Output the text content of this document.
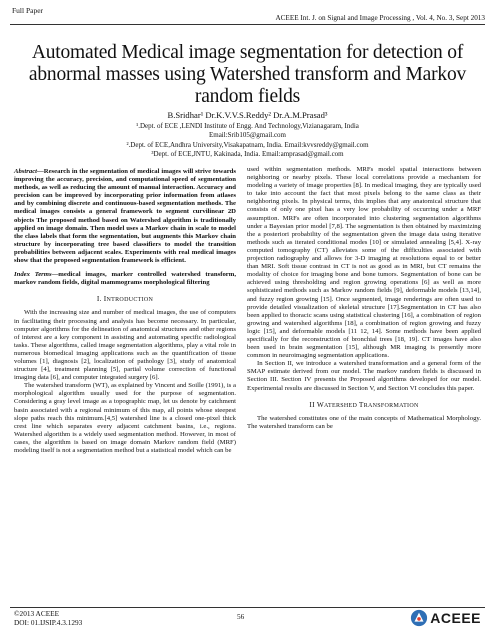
Full Paper
ACEEE Int. J. on Signal and Image Processing , Vol. 4, No. 3, Sept 2013
Automated Medical image segmentation for detection of abnormal masses using Watershed transform and Markov random fields
B.Sridhar¹ Dr.K.V.V.S.Reddy² Dr.A.M.Prasad³
¹.Dept. of ECE ,LENDI Institute of Engg. And Technology,Vizianagaram, India
Email:Srib105@gmail.com
².Dept. of ECE,Andhra University,Visakapatnam, India. Email:kvvsreddy@gmail.com
³Dept. of ECE,JNTU, Kakinada, India. Email:amprasad@gmail.com
Abstract—Research in the segmentation of medical images will strive towards improving the accuracy, precision, and computational speed of segmentation methods, as well as reducing the amount of manual interaction. Accuracy and precision can be improved by incorporating prior information from atlases and by combining discrete and continuous-based segmentation methods. The medical images consists a general framework to segment curvilinear 2D objects The proposed method based on Watershed algorithm is traditionally applied on image domain. Then model uses a Markov chain in scale to model the class labels that form the segmentation, but augments this Markov chain structure by incorporating tree based classifiers to model the transition probabilities between adjacent scales. Experiments with real medical images show that the proposed segmentation framework is efficient.
Index Terms—medical images, marker controlled watershed transform, markov random fields, digital mammograms morphological filtering
I. INTRODUCTION

With the increasing size and number of medical images, the use of computers in facilitating their processing and analysis has become necessary. In particular, computer algorithms for the delineation of anatomical structures and other regions of interest are a key component in assisting and automating specific radiological tasks. These algorithms, called image segmentation algorithms, play a vital role in numerous biomedical imaging applications such as the quantification of tissue volumes [1], diagnosis [2], localization of pathology [3], study of anatomical structure [4], treatment planning [5], partial volume correction of functional imaging data [6], and computer integrated surgery [6].

The watershed transform (WT), as explained by Vincent and Soille (1991), is a morphological algorithm usually used for the purpose of segmentation. Considering a gray level image as a topographic map, let us denote by catchment basin associated with a regional minimum of this map, all points whose steepest slope paths reach this minimum.[4,5] watershed line is a closed one-pixel thick crest line which separates every adjacent catchment basins, i.e., regions. Watershed algorithm is a widely used segmentation method. However, in most of cases, the algorithm is based on image domain Markov random field (MRF) modeling itself is not a segmentation method but a statistical model which can be

used within segmentation methods. MRFs model spatial interactions between neighboring or nearby pixels. These local correlations provide a mechanism for modeling a variety of image properties [8]. In medical imaging, they are typically used to take into account the fact that most pixels belong to the same class as their neighboring pixels. In physical terms, this implies that any anatomical structure that consists of only one pixel has a very low probability of occurring under a MRF assumption. MRFs are often incorporated into clustering segmentation algorithms under a Bayesian prior model [7,8]. The segmentation is then obtained by maximizing the a posteriori probability of the segmentation given the image data using iterative methods such as iterated conditional modes [10] or simulated annealing [5,4]. X-ray computed tomography (CT) alleviates some of the difficulties associated with projection radiography and allows for 3-D imaging at resolutions equal to or better than MRI. Soft tissue contrast in CT is not as good as in MRI, but CT remains the modality of choice for imaging bone and bone tumors. Segmentation of bone can be achieved using thresholding and region growing operations [6] as well as more sophisticated methods such as Markov random fields [9], deformable models [13,14], and fuzzy region growing [15]. Once segmented, image renderings are often used to provide detailed visualization of skeletal structure [17].Segmentation in CT has also been applied to thoracic scans using statistical clustering [16], a combination of region growing and watershed algorithms [18], a combination of region growing and fuzzy logic [15], and deformable models [11 12, 14]. Some methods have been applied specifically for the reconstruction of bronchial trees [18, 19]. CT images have also been used in brain segmentation [15], although MR imaging is presently more common in neuroimaging segmentation applications.

In Section II, we introduce a watershed transformation and a general form of the SMAP estimate derived from our model. The markov random fields is discussed in Section III. Section IV presents the Proposed algorithms developed for our model. Experimental results are discussed in Section V, and Section VI concludes this paper.

II WATERSHED TRANSFORMATION

The watershed constitutes one of the main concepts of Mathematical Morphology. The watershed transform can be

©2013 ACEEE
DOI: 01.IJSIP.4.3.1293
56	ACEEE
